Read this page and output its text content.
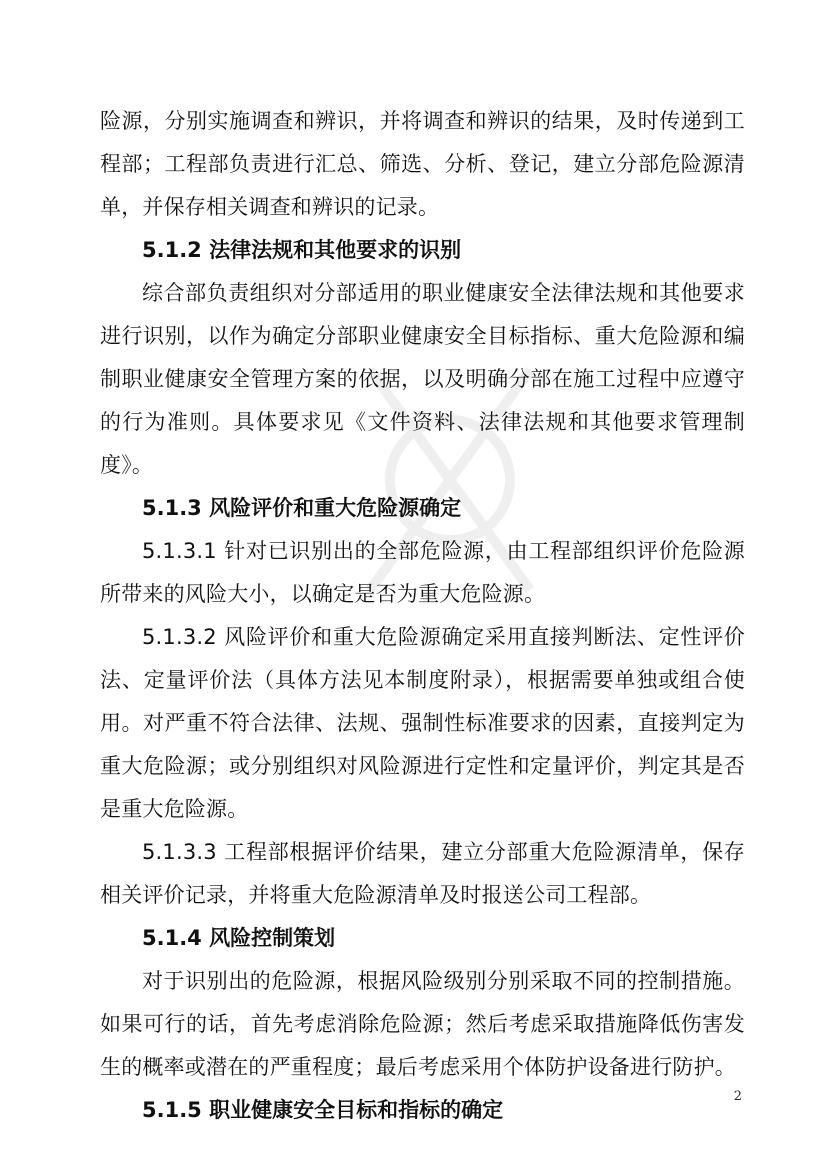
险源，分别实施调查和辨识，并将调查和辨识的结果，及时传递到工程部；工程部负责进行汇总、筛选、分析、登记，建立分部危险源清单，并保存相关调查和辨识的记录。

5.1.2 法律法规和其他要求的识别

综合部负责组织对分部适用的职业健康安全法律法规和其他要求进行识别，以作为确定分部职业健康安全目标指标、重大危险源和编制职业健康安全管理方案的依据，以及明确分部在施工过程中应遵守的行为准则。具体要求见《文件资料、法律法规和其他要求管理制度》。

5.1.3 风险评价和重大危险源确定

5.1.3.1 针对已识别出的全部危险源，由工程部组织评价危险源所带来的风险大小，以确定是否为重大危险源。

5.1.3.2 风险评价和重大危险源确定采用直接判断法、定性评价法、定量评价法（具体方法见本制度附录），根据需要单独或组合使用。对严重不符合法律、法规、强制性标准要求的因素，直接判定为重大危险源；或分别组织对风险源进行定性和定量评价，判定其是否是重大危险源。

5.1.3.3 工程部根据评价结果，建立分部重大危险源清单，保存相关评价记录，并将重大危险源清单及时报送公司工程部。

5.1.4 风险控制策划

对于识别出的危险源，根据风险级别分别采取不同的控制措施。如果可行的话，首先考虑消除危险源；然后考虑采取措施降低伤害发生的概率或潜在的严重程度；最后考虑采用个体防护设备进行防护。

5.1.5 职业健康安全目标和指标的确定

2
